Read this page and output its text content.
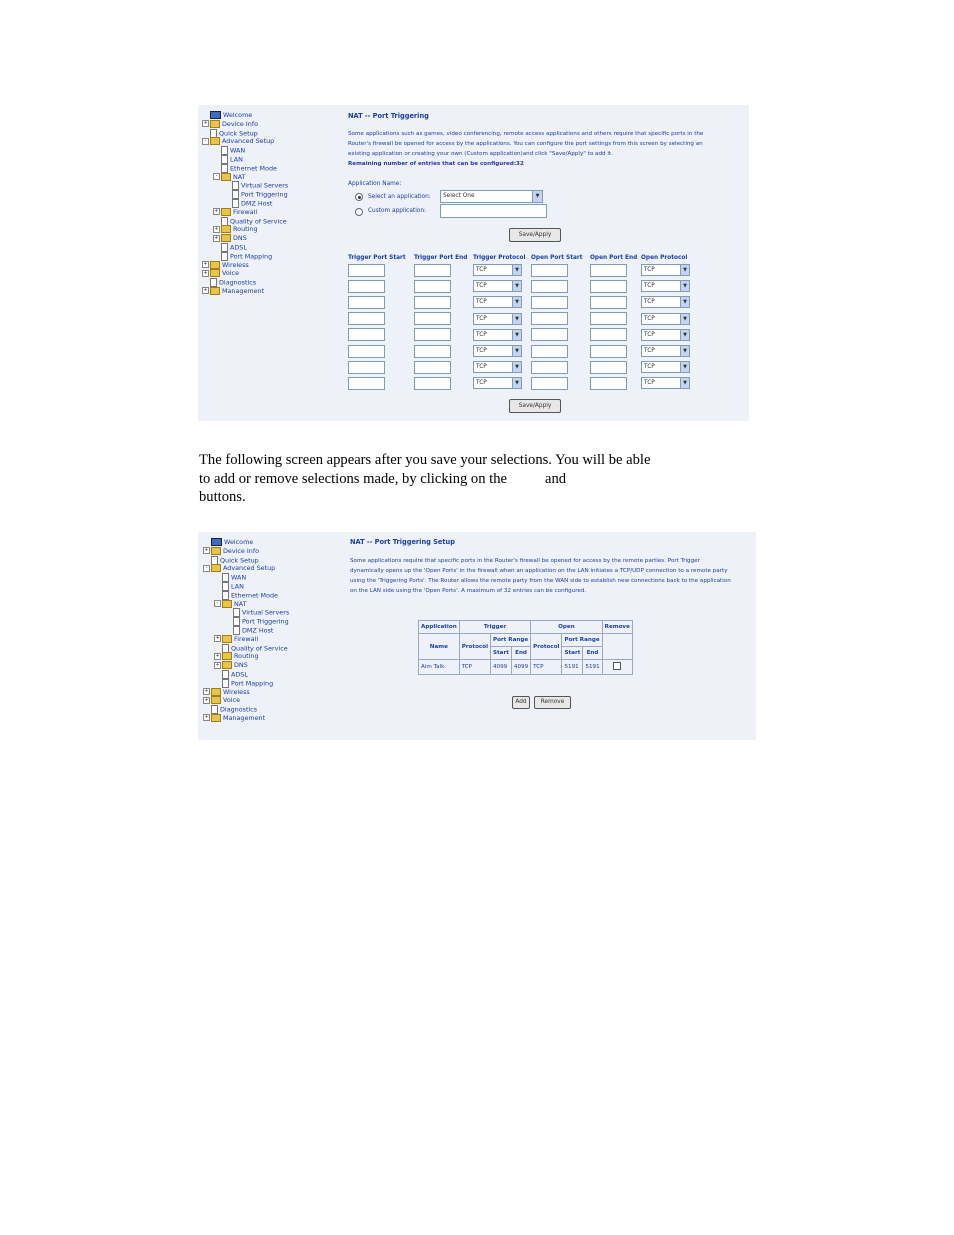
Welcome
+ Device Info
Quick Setup
- Advanced Setup
WAN
LAN
Ethernet Mode
- NAT
Virtual Servers
Port Triggering
DMZ Host
+ Firewall
Quality of Service
+ Routing
+ DNS
ADSL
Port Mapping
+ Wireless
+ Voice
Diagnostics
+ Management
NAT -- Port Triggering
Some applications such as games, video conferencing, remote access applications and others require that specific ports in the Router's firewall be opened for access by the applications. You can configure the port settings from this screen by selecting an existing application or creating your own (Custom application)and click "Save/Apply" to add it.
Remaining number of entries that can be configured:32
Application Name:
Select an application:	Select One	▼
Custom application:
Save/Apply
Trigger Port Start	Trigger Port End	Trigger Protocol	Open Port Start	Open Port End	Open Protocol

		TCP ▼			TCP ▼

		TCP ▼			TCP ▼

		TCP ▼			TCP ▼

		TCP ▼			TCP ▼

		TCP ▼			TCP ▼

		TCP ▼			TCP ▼

		TCP ▼			TCP ▼

		TCP ▼			TCP ▼
Save/Apply
The following screen appears after you save your selections. You will be able
to add or remove selections made, by clicking on the	and
buttons.
Welcome
+ Device Info
Quick Setup
- Advanced Setup
WAN
LAN
Ethernet Mode
- NAT
Virtual Servers
Port Triggering
DMZ Host
+ Firewall
Quality of Service
+ Routing
+ DNS
ADSL
Port Mapping
+ Wireless
+ Voice
Diagnostics
+ Management
NAT -- Port Triggering Setup
Some applications require that specific ports in the Router's firewall be opened for access by the remote parties. Port Trigger dynamically opens up the 'Open Ports' in the firewall when an application on the LAN initiates a TCP/UDP connection to a remote party using the 'Triggering Ports'. The Router allows the remote party from the WAN side to establish new connections back to the application on the LAN side using the 'Open Ports'. A maximum of 32 entries can be configured.
Application	Trigger			Open			Remove
Name	Protocol	Port Range		Protocol	Port Range		
		Start	End		Start	End	
Aim Talk	TCP	4099	4099	TCP	5191	5191	
Add	Remove
